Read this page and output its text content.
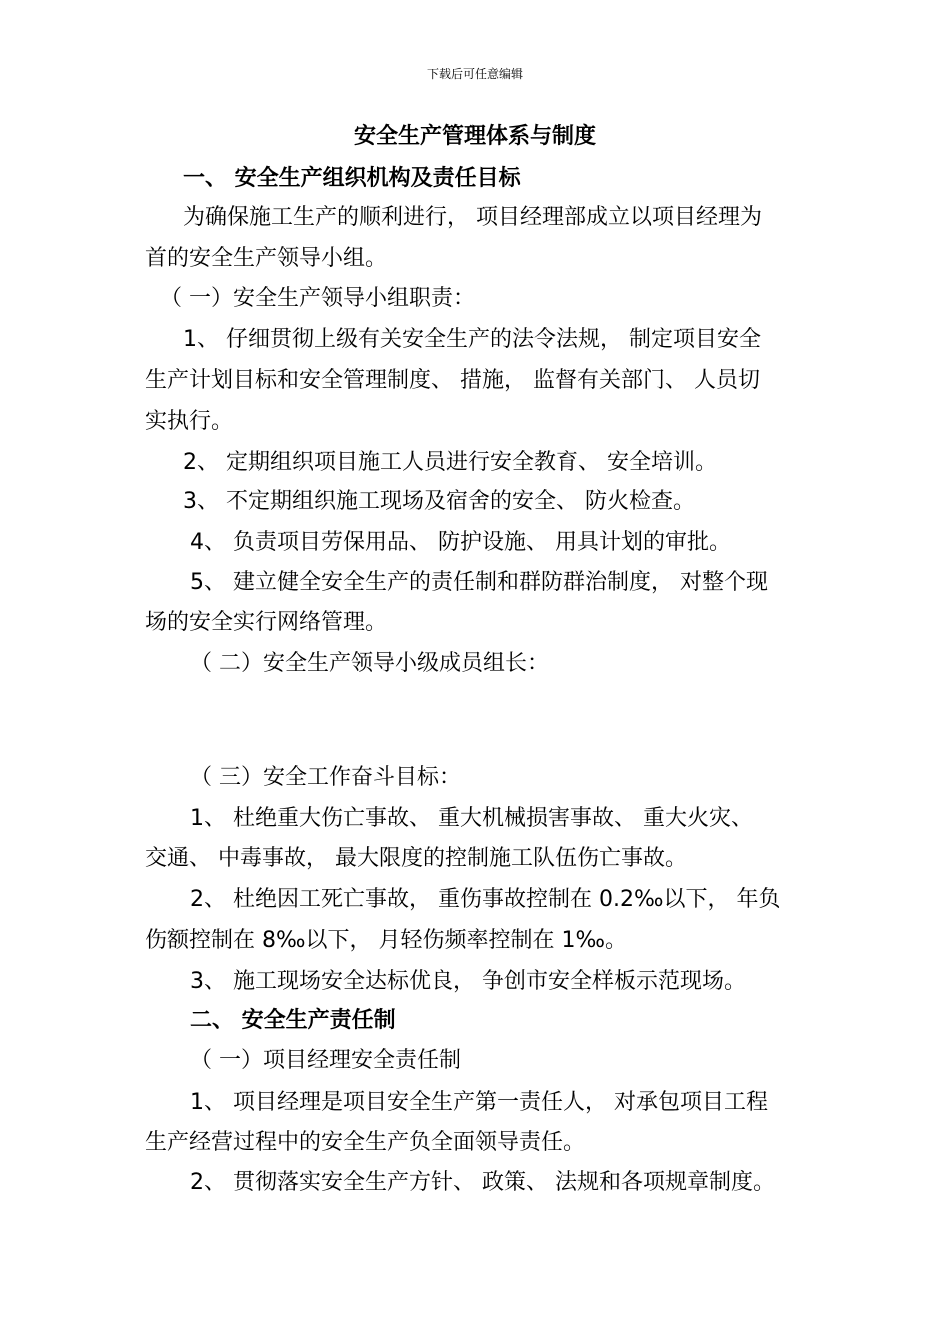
下载后可任意编辑
安全生产管理体系与制度
一、 安全生产组织机构及责任目标
为确保施工生产的顺利进行， 项目经理部成立以项目经理为
首的安全生产领导小组。
（ 一）安全生产领导小组职责：
1、 仔细贯彻上级有关安全生产的法令法规， 制定项目安全
生产计划目标和安全管理制度、 措施， 监督有关部门、 人员切
实执行。
2、 定期组织项目施工人员进行安全教育、 安全培训。
3、 不定期组织施工现场及宿舍的安全、 防火检查。
4、 负责项目劳保用品、 防护设施、 用具计划的审批。
5、 建立健全安全生产的责任制和群防群治制度， 对整个现
场的安全实行网络管理。
（ 二）安全生产领导小级成员组长：
（ 三）安全工作奋斗目标：
1、 杜绝重大伤亡事故、 重大机械损害事故、 重大火灾、
交通、 中毒事故， 最大限度的控制施工队伍伤亡事故。
2、 杜绝因工死亡事故， 重伤事故控制在 0.2‰以下， 年负
伤额控制在 8‰以下， 月轻伤频率控制在 1‰。
3、 施工现场安全达标优良， 争创市安全样板示范现场。
二、 安全生产责任制
（ 一）项目经理安全责任制
1、 项目经理是项目安全生产第一责任人， 对承包项目工程
生产经营过程中的安全生产负全面领导责任。
2、 贯彻落实安全生产方针、 政策、 法规和各项规章制度。
